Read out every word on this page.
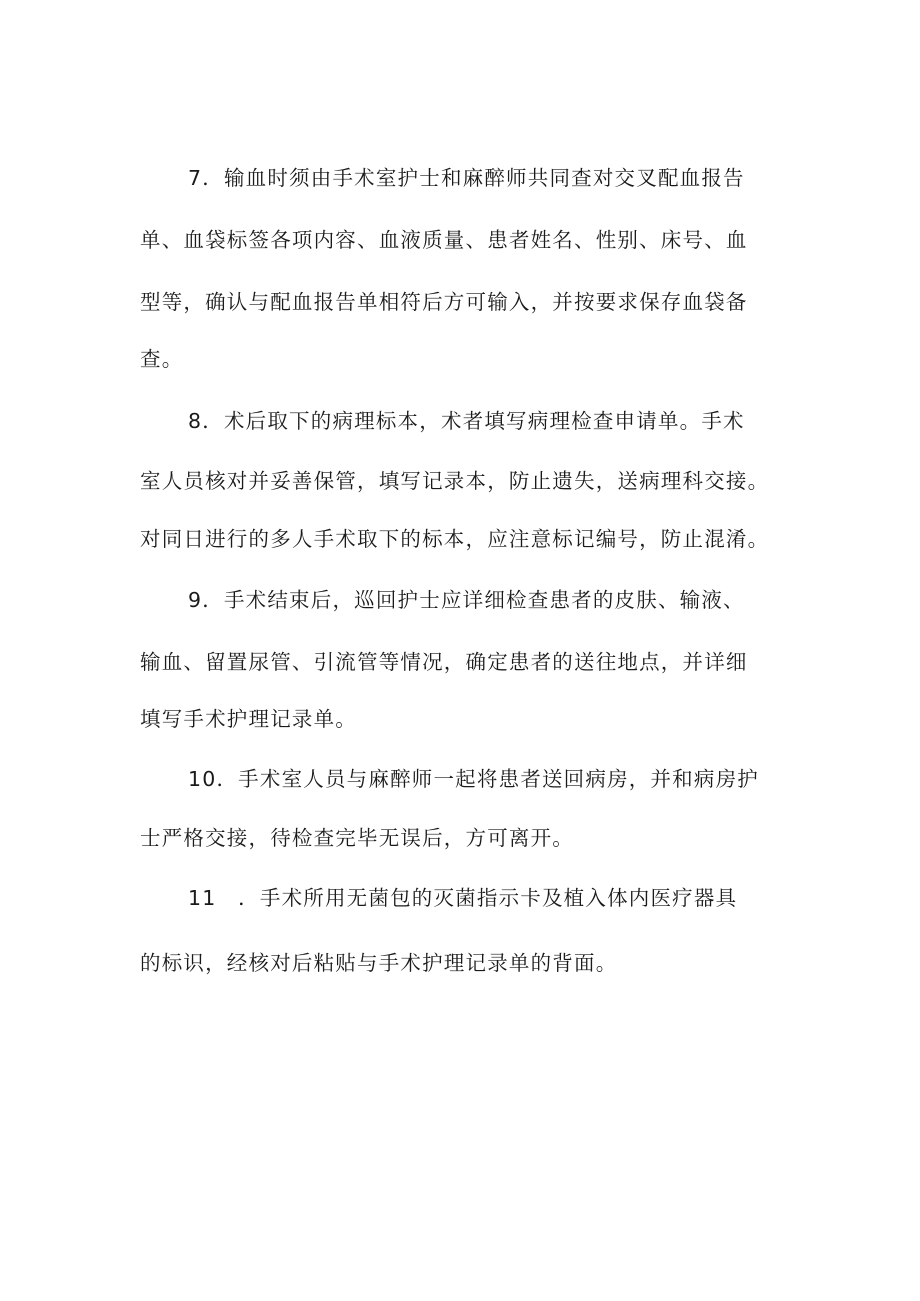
7．输血时须由手术室护士和麻醉师共同查对交叉配血报告
单、血袋标签各项内容、血液质量、患者姓名、性别、床号、血
型等，确认与配血报告单相符后方可输入，并按要求保存血袋备
查。
8．术后取下的病理标本，术者填写病理检查申请单。手术
室人员核对并妥善保管，填写记录本，防止遗失，送病理科交接。
对同日进行的多人手术取下的标本，应注意标记编号，防止混淆。
9．手术结束后，巡回护士应详细检查患者的皮肤、输液、
输血、留置尿管、引流管等情况，确定患者的送往地点，并详细
填写手术护理记录单。
10．手术室人员与麻醉师一起将患者送回病房，并和病房护
士严格交接，待检查完毕无误后，方可离开。
11　．手术所用无菌包的灭菌指示卡及植入体内医疗器具
的标识，经核对后粘贴与手术护理记录单的背面。
